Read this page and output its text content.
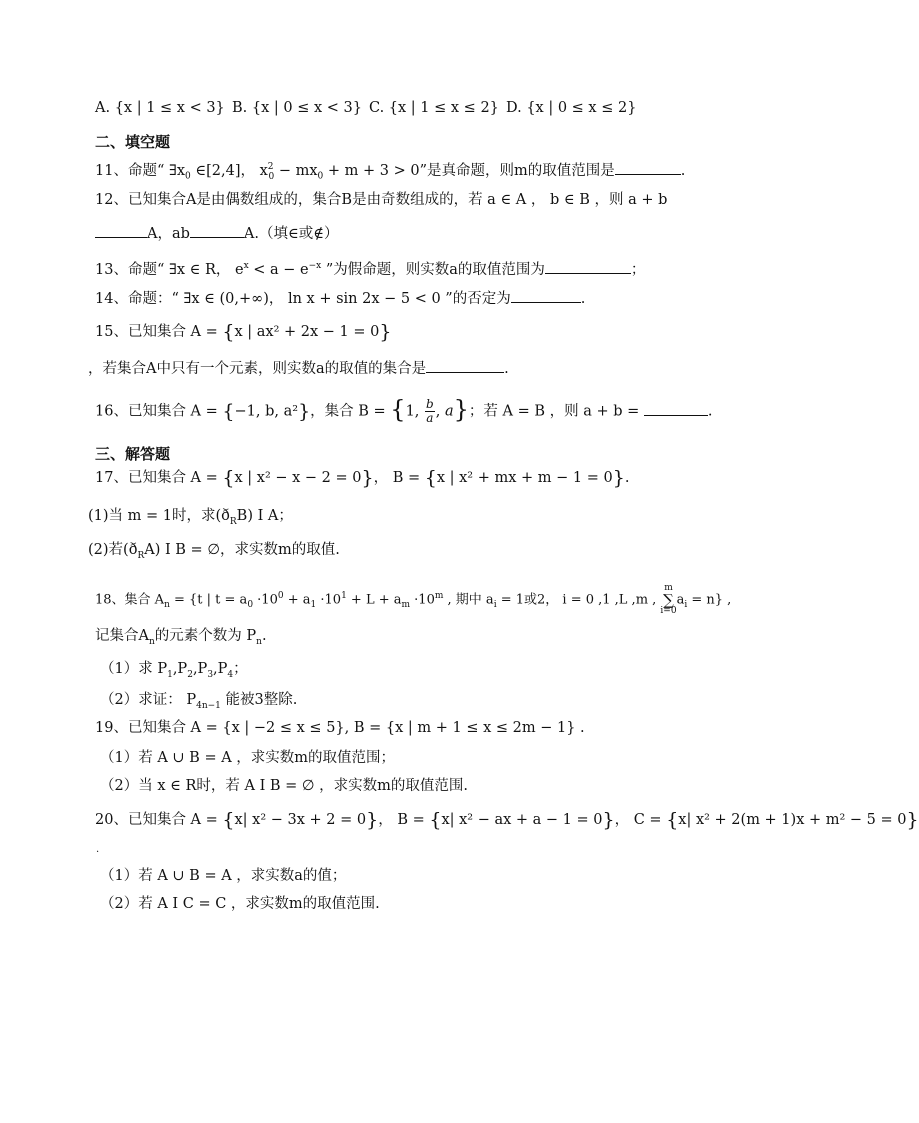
A. {x | 1 ≤ x < 3} B. {x | 0 ≤ x < 3} C. {x | 1 ≤ x ≤ 2} D. {x | 0 ≤ x ≤ 2}
二、填空题
11、命题“ $\exists x_0$ ∈[2,4]， $x^2_0 - mx_0 + m + 3 > 0$”是真命题，则m的取值范围是	.
12、已知集合A是由偶数组成的，集合B是由奇数组成的，若 a ∈ A ， b ∈ B ，则 a + b
A，ab	A.（填∈或∉）
13、命题“ ∃x ∈ R， $e^x < a - e^{-x}$ ”为假命题，则实数a的取值范围为	；
14、命题：“ ∃x ∈ (0,+∞)， ln x + sin 2x − 5 < 0 ”的否定为	.
15、已知集合 A = {x | ax² + 2x − 1 = 0}
，若集合A中只有一个元素，则实数a的取值的集合是	.
16、已知集合 A = {−1, b, a²}，集合 B = {1, $\frac{b}{a}$ , a}；若 A = B ，则 a + b =	.
三、解答题
17、已知集合 A = {x | x² − x − 2 = 0}， B = {x | x² + mx + m − 1 = 0}.
(1)当 m = 1时，求$(ð_RB)$ I A；
(2)若$(ð_RA)$ I B = ∅，求实数m的取值.
18、集合 $A_n = \{t$ | $t = a_0 \cdot 10^0 + a_1 \cdot 10^1 + L + a_m \cdot 10^m$ , 期中 $a_i = 1$或2， i = 0 ,1 ,L ,m , m
∑
$i=0a_i = n$} ,
记集合$A_n$的元素个数为 $P_n$.
（1）求 $P_1,P_2,P_3,P_4$；
（2）求证： $P_{4n-1}$ 能被3整除.
19、已知集合 A = {x | −2 ≤ x ≤ 5}, B = {x | m + 1 ≤ x ≤ 2m − 1} .
（1）若 A ∪ B = A ，求实数m的取值范围；
（2）当 x ∈ R时，若 A I B = ∅ ，求实数m的取值范围.
20、已知集合 A = {x| x² − 3x + 2 = 0}， B = {x| x² − ax + a − 1 = 0}， C = {x| x² + 2(m + 1)x + m² − 5 = 0}
.
（1）若 A ∪ B = A ，求实数a的值；
（2）若 A I C = C ，求实数m的取值范围.
